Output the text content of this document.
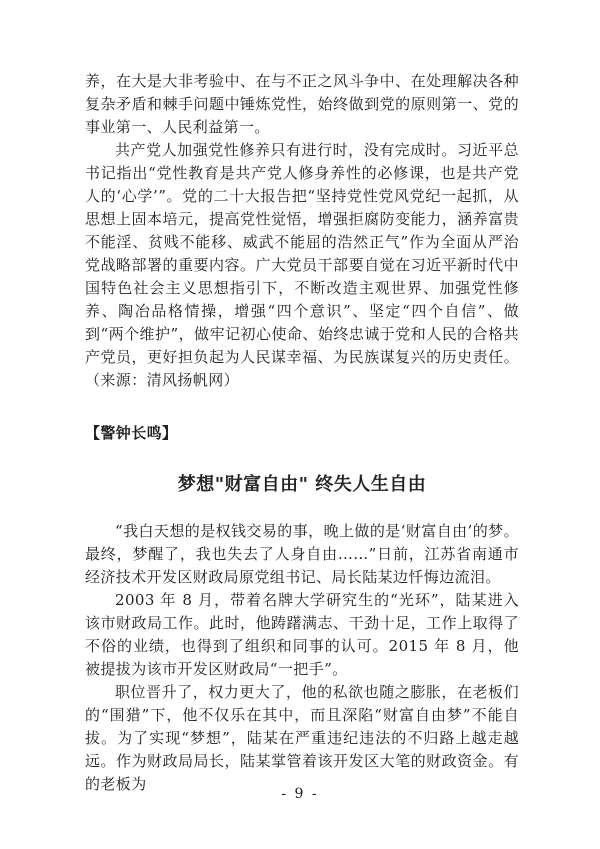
养，在大是大非考验中、在与不正之风斗争中、在处理解决各种复杂矛盾和棘手问题中锤炼党性，始终做到党的原则第一、党的事业第一、人民利益第一。

共产党人加强党性修养只有进行时，没有完成时。习近平总书记指出“党性教育是共产党人修身养性的必修课，也是共产党人的‘心学’”。党的二十大报告把“坚持党性党风党纪一起抓，从思想上固本培元，提高党性觉悟，增强拒腐防变能力，涵养富贵不能淫、贫贱不能移、威武不能屈的浩然正气”作为全面从严治党战略部署的重要内容。广大党员干部要自觉在习近平新时代中国特色社会主义思想指引下，不断改造主观世界、加强党性修养、陶冶品格情操，增强“四个意识”、坚定“四个自信”、做到“两个维护”，做牢记初心使命、始终忠诚于党和人民的合格共产党员，更好担负起为人民谋幸福、为民族谋复兴的历史责任。（来源：清风扬帆网）

【警钟长鸣】
梦想"财富自由" 终失人生自由

“我白天想的是权钱交易的事，晚上做的是‘财富自由’的梦。最终，梦醒了，我也失去了人身自由……”日前，江苏省南通市经济技术开发区财政局原党组书记、局长陆某边忏悔边流泪。

2003 年 8 月，带着名牌大学研究生的“光环”，陆某进入该市财政局工作。此时，他踌躇满志、干劲十足，工作上取得了不俗的业绩，也得到了组织和同事的认可。2015 年 8 月，他被提拔为该市开发区财政局“一把手”。

职位晋升了，权力更大了，他的私欲也随之膨胀，在老板们的“围猎”下，他不仅乐在其中，而且深陷“财富自由梦”不能自拔。为了实现“梦想”，陆某在严重违纪违法的不归路上越走越远。作为财政局局长，陆某掌管着该开发区大笔的财政资金。有的老板为

- 9 -
